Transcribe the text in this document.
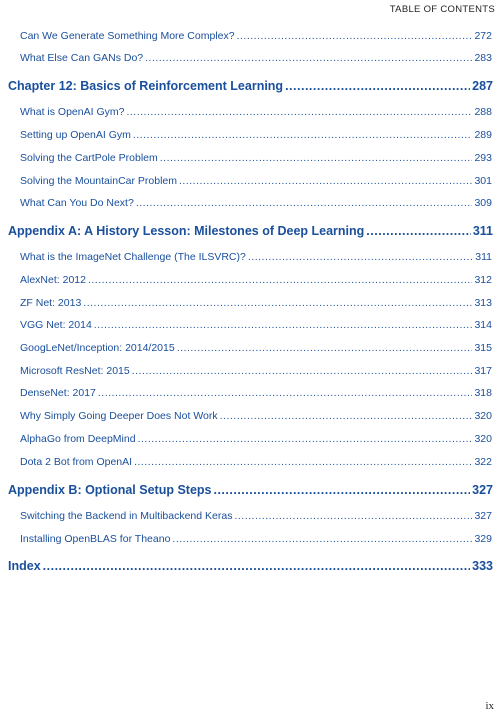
TABLE OF CONTENTS
Can We Generate Something More Complex? .....	272
What Else Can GANs Do? .....	283
Chapter 12: Basics of Reinforcement Learning .....	287
What is OpenAI Gym? .....	288
Setting up OpenAI Gym .....	289
Solving the CartPole Problem .....	293
Solving the MountainCar Problem .....	301
What Can You Do Next? .....	309
Appendix A: A History Lesson: Milestones of Deep Learning .....	311
What is the ImageNet Challenge (The ILSVRC)? .....	311
AlexNet: 2012 .....	312
ZF Net: 2013 .....	313
VGG Net: 2014 .....	314
GoogLeNet/Inception: 2014/2015 .....	315
Microsoft ResNet: 2015 .....	317
DenseNet: 2017 .....	318
Why Simply Going Deeper Does Not Work .....	320
AlphaGo from DeepMind .....	320
Dota 2 Bot from OpenAI .....	322
Appendix B: Optional Setup Steps .....	327
Switching the Backend in Multibackend Keras .....	327
Installing OpenBLAS for Theano .....	329
Index .....	333
ix
